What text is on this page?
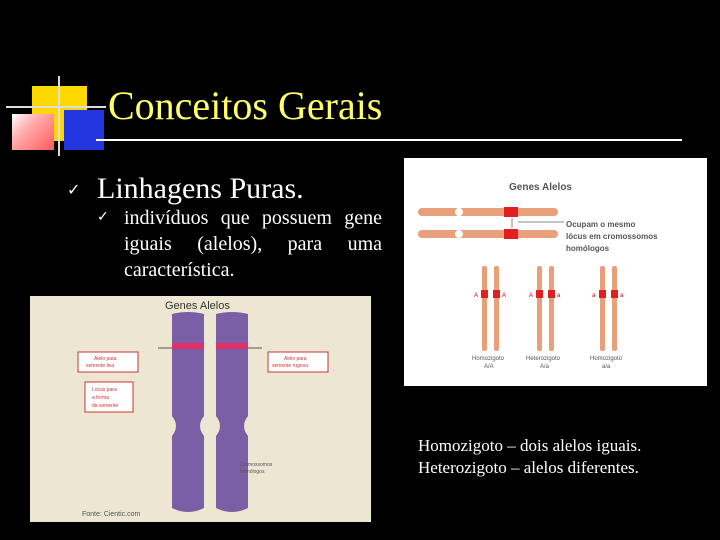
Conceitos Gerais
✓ Linhagens Puras.
✓ indivíduos que possuem gene iguais (alelos), para uma característica.
Genes Alelos
Ocupam o mesmo
lócus em cromossomos
homólogos
A	A
Homozigoto
A/A
A	a
Heterozigoto
A/a
a	a
Homozigoto
a/a
Genes Alelos
Alelo para
semente lisa
Alelo para
semente rugosa
Locus para
a forma
da semente
Cromossomos
homólogos
Fonte: Cientic.com
Homozigoto – dois alelos iguais.
Heterozigoto – alelos diferentes.
